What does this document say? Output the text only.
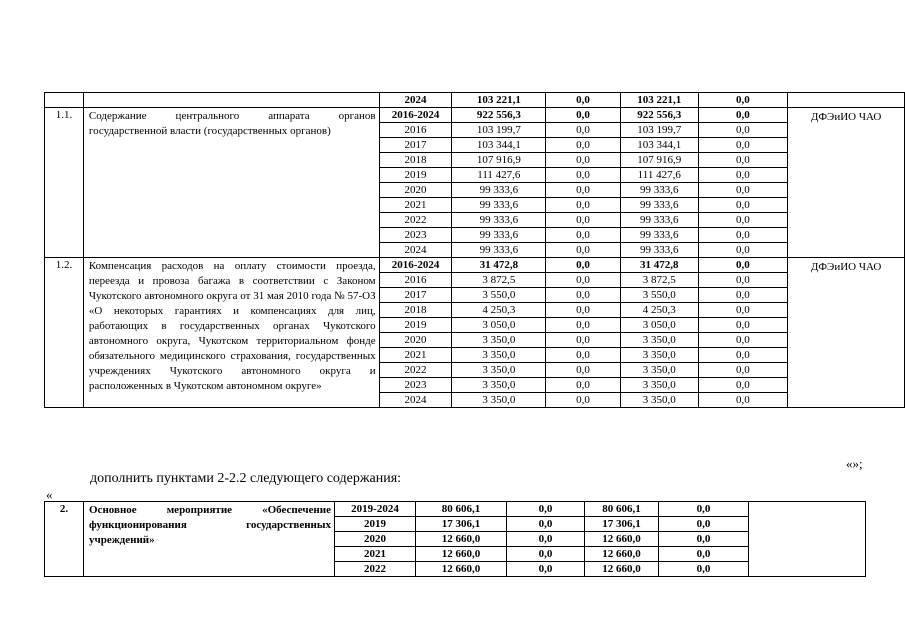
		2024	103 221,1	0,0	103 221,1	0,0	
1.1.	Содержание центрального аппарата органов государственной власти (государственных органов)	2016-2024	922 556,3	0,0	922 556,3	0,0	ДФЭиИО ЧАО
		2016	103 199,7	0,0	103 199,7	0,0	
		2017	103 344,1	0,0	103 344,1	0,0	
		2018	107 916,9	0,0	107 916,9	0,0	
		2019	111 427,6	0,0	111 427,6	0,0	
		2020	99 333,6	0,0	99 333,6	0,0	
		2021	99 333,6	0,0	99 333,6	0,0	
		2022	99 333,6	0,0	99 333,6	0,0	
		2023	99 333,6	0,0	99 333,6	0,0	
		2024	99 333,6	0,0	99 333,6	0,0	
1.2.	Компенсация расходов на оплату стоимости проезда, переезда и провоза багажа в соответствии с Законом Чукотского автономного округа от 31 мая 2010 года № 57-ОЗ «О некоторых гарантиях и компенсациях для лиц, работающих в государственных органах Чукотского автономного округа, Чукотском территориальном фонде обязательного медицинского страхования, государственных учреждениях Чукотского автономного округа и расположенных в Чукотском автономном округе»	2016-2024	31 472,8	0,0	31 472,8	0,0	ДФЭиИО ЧАО
		2016	3 872,5	0,0	3 872,5	0,0	
		2017	3 550,0	0,0	3 550,0	0,0	
		2018	4 250,3	0,0	4 250,3	0,0	
		2019	3 050,0	0,0	3 050,0	0,0	
		2020	3 350,0	0,0	3 350,0	0,0	
		2021	3 350,0	0,0	3 350,0	0,0	
		2022	3 350,0	0,0	3 350,0	0,0	
		2023	3 350,0	0,0	3 350,0	0,0	
		2024	3 350,0	0,0	3 350,0	0,0	
«»;
дополнить пунктами 2-2.2 следующего содержания:
«
2.	Основное мероприятие «Обеспечение функционирования государственных учреждений»	2019-2024	80 606,1	0,0	80 606,1	0,0	
		2019	17 306,1	0,0	17 306,1	0,0	
		2020	12 660,0	0,0	12 660,0	0,0	
		2021	12 660,0	0,0	12 660,0	0,0	
		2022	12 660,0	0,0	12 660,0	0,0	
